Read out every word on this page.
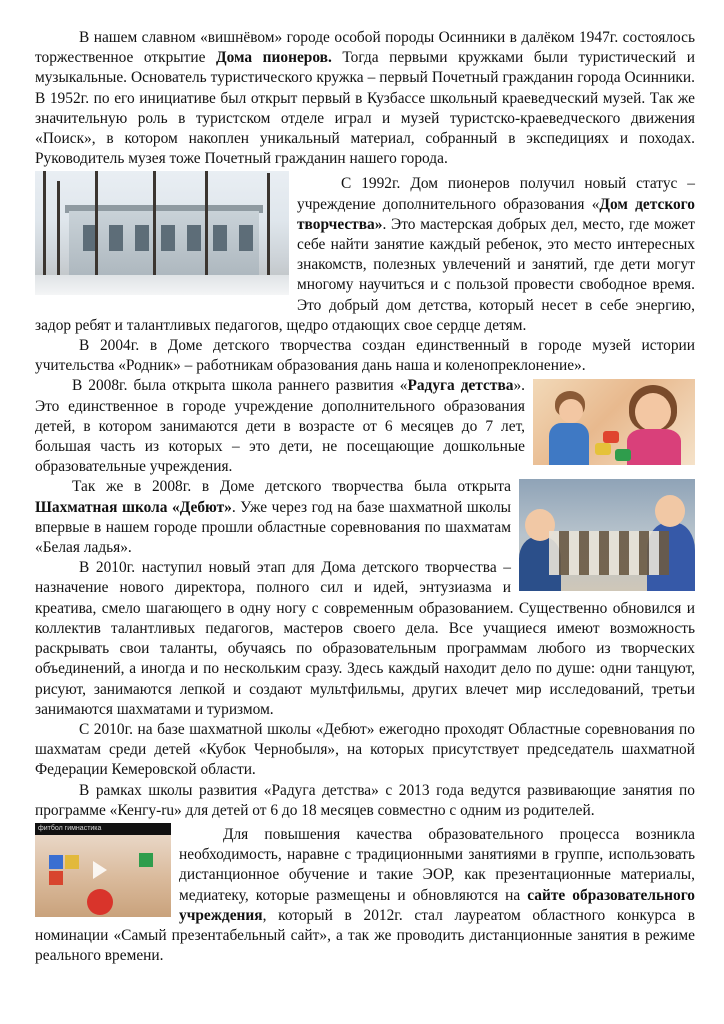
В нашем славном «вишнёвом» городе особой породы Осинники в далёком 1947г. состоялось торжественное открытие Дома пионеров. Тогда первыми кружками были туристический и музыкальные. Основатель туристического кружка – первый Почетный гражданин города Осинники. В 1952г. по его инициативе был открыт первый в Кузбассе школьный краеведческий музей. Так же значительную роль в туристском отделе играл и музей туристско-краеведческого движения «Поиск», в котором накоплен уникальный материал, собранный в экспедициях и походах. Руководитель музея тоже Почетный гражданин нашего города.

С 1992г. Дом пионеров получил новый статус – учреждение дополнительного образования «Дом детского творчества». Это мастерская добрых дел, место, где может себе найти занятие каждый ребенок, это место интересных знакомств, полезных увлечений и занятий, где дети могут многому научиться и с пользой провести свободное время. Это добрый дом детства, который несет в себе энергию, задор ребят и талантливых педагогов, щедро отдающих свое сердце детям.

В 2004г. в Доме детского творчества создан единственный в городе музей истории учительства «Родник» – работникам образования дань наша и коленопреклонение».

В 2008г. была открыта школа раннего развития «Радуга детства». Это единственное в городе учреждение дополнительного образования детей, в котором занимаются дети в возрасте от 6 месяцев до 7 лет, большая часть из которых – это дети, не посещающие дошкольные образовательные учреждения.

Так же в 2008г. в Доме детского творчества была открыта Шахматная школа «Дебют». Уже через год на базе шахматной школы впервые в нашем городе прошли областные соревнования по шахматам «Белая ладья».

В 2010г. наступил новый этап для Дома детского творчества – назначение нового директора, полного сил и идей, энтузиазма и креатива, смело шагающего в одну ногу с современным образованием. Существенно обновился и коллектив талантливых педагогов, мастеров своего дела. Все учащиеся имеют возможность раскрывать свои таланты, обучаясь по образовательным программам любого из творческих объединений, а иногда и по нескольким сразу. Здесь каждый находит дело по душе: одни танцуют, рисуют, занимаются лепкой и создают мультфильмы, других влечет мир исследований, третьи занимаются шахматами и туризмом.

С 2010г. на базе шахматной школы «Дебют» ежегодно проходят Областные соревнования по шахматам среди детей «Кубок Чернобыля», на которых присутствует председатель шахматной Федерации Кемеровской области.

В рамках школы развития «Радуга детства» с 2013 года ведутся развивающие занятия по программе «Кенгу-ru» для детей от 6 до 18 месяцев совместно с одним из родителей.

фитбол гимнастика	Для повышения качества образовательного процесса возникла необходимость, наравне с традиционными занятиями в группе, использовать дистанционное обучение и такие ЭОР, как презентационные материалы, медиатеку, которые размещены и обновляются на сайте образовательного учреждения, который в 2012г. стал лауреатом областного конкурса в номинации «Самый презентабельный сайт», а так же проводить дистанционные занятия в режиме реального времени.
